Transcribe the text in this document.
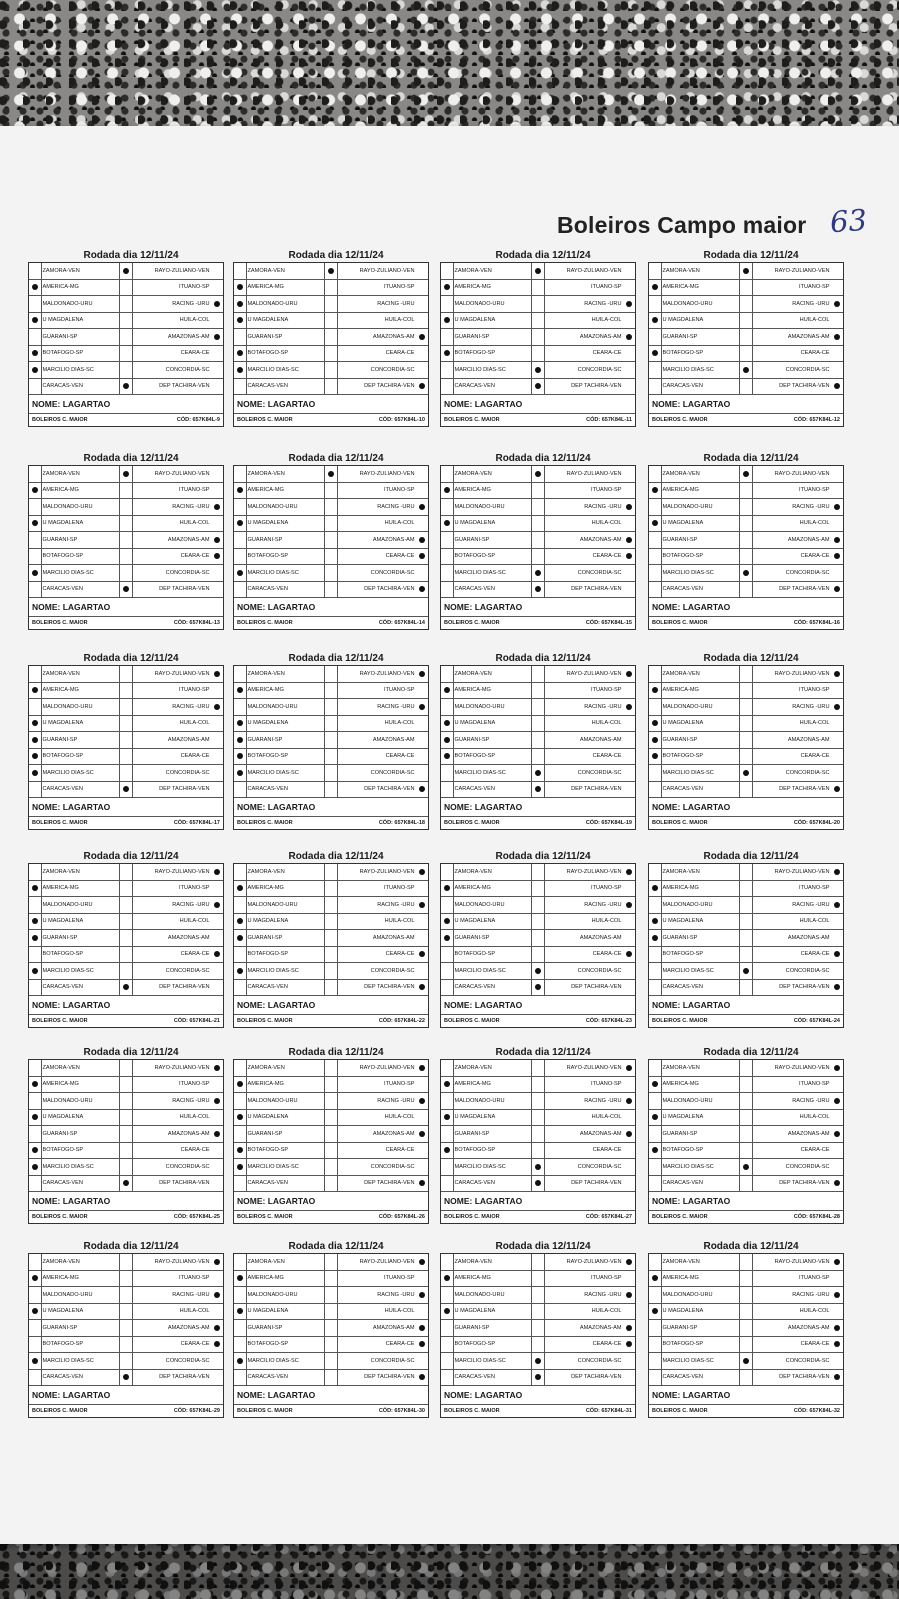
Boleiros Campo maior 63
Rodada dia 12/11/24
ZAMORA-VEN	RAYO-ZULIANO-VEN
AMERICA-MG	ITUANO-SP
MALDONADO-URU	RACING -URU
U MAGDALENA	HUILA-COL
GUARANI-SP	AMAZONAS-AM
BOTAFOGO-SP	CEARA-CE
MARCILIO DIAS-SC	CONCORDIA-SC
CARACAS-VEN	DEP TACHIRA-VEN
NOME: LAGARTAO
BOLEIROS C. MAIOR	CÓD: 657K84L-9
Rodada dia 12/11/24
ZAMORA-VEN	RAYO-ZULIANO-VEN
AMERICA-MG	ITUANO-SP
MALDONADO-URU	RACING -URU
U MAGDALENA	HUILA-COL
GUARANI-SP	AMAZONAS-AM
BOTAFOGO-SP	CEARA-CE
MARCILIO DIAS-SC	CONCORDIA-SC
CARACAS-VEN	DEP TACHIRA-VEN
NOME: LAGARTAO
BOLEIROS C. MAIOR	CÓD: 657K84L-10
Rodada dia 12/11/24
ZAMORA-VEN	RAYO-ZULIANO-VEN
AMERICA-MG	ITUANO-SP
MALDONADO-URU	RACING -URU
U MAGDALENA	HUILA-COL
GUARANI-SP	AMAZONAS-AM
BOTAFOGO-SP	CEARA-CE
MARCILIO DIAS-SC	CONCORDIA-SC
CARACAS-VEN	DEP TACHIRA-VEN
NOME: LAGARTAO
BOLEIROS C. MAIOR	CÓD: 657K84L-11
Rodada dia 12/11/24
ZAMORA-VEN	RAYO-ZULIANO-VEN
AMERICA-MG	ITUANO-SP
MALDONADO-URU	RACING -URU
U MAGDALENA	HUILA-COL
GUARANI-SP	AMAZONAS-AM
BOTAFOGO-SP	CEARA-CE
MARCILIO DIAS-SC	CONCORDIA-SC
CARACAS-VEN	DEP TACHIRA-VEN
NOME: LAGARTAO
BOLEIROS C. MAIOR	CÓD: 657K84L-12
Rodada dia 12/11/24
ZAMORA-VEN	RAYO-ZULIANO-VEN
AMERICA-MG	ITUANO-SP
MALDONADO-URU	RACING -URU
U MAGDALENA	HUILA-COL
GUARANI-SP	AMAZONAS-AM
BOTAFOGO-SP	CEARA-CE
MARCILIO DIAS-SC	CONCORDIA-SC
CARACAS-VEN	DEP TACHIRA-VEN
NOME: LAGARTAO
BOLEIROS C. MAIOR	CÓD: 657K84L-13
Rodada dia 12/11/24
ZAMORA-VEN	RAYO-ZULIANO-VEN
AMERICA-MG	ITUANO-SP
MALDONADO-URU	RACING -URU
U MAGDALENA	HUILA-COL
GUARANI-SP	AMAZONAS-AM
BOTAFOGO-SP	CEARA-CE
MARCILIO DIAS-SC	CONCORDIA-SC
CARACAS-VEN	DEP TACHIRA-VEN
NOME: LAGARTAO
BOLEIROS C. MAIOR	CÓD: 657K84L-14
Rodada dia 12/11/24
ZAMORA-VEN	RAYO-ZULIANO-VEN
AMERICA-MG	ITUANO-SP
MALDONADO-URU	RACING -URU
U MAGDALENA	HUILA-COL
GUARANI-SP	AMAZONAS-AM
BOTAFOGO-SP	CEARA-CE
MARCILIO DIAS-SC	CONCORDIA-SC
CARACAS-VEN	DEP TACHIRA-VEN
NOME: LAGARTAO
BOLEIROS C. MAIOR	CÓD: 657K84L-15
Rodada dia 12/11/24
ZAMORA-VEN	RAYO-ZULIANO-VEN
AMERICA-MG	ITUANO-SP
MALDONADO-URU	RACING -URU
U MAGDALENA	HUILA-COL
GUARANI-SP	AMAZONAS-AM
BOTAFOGO-SP	CEARA-CE
MARCILIO DIAS-SC	CONCORDIA-SC
CARACAS-VEN	DEP TACHIRA-VEN
NOME: LAGARTAO
BOLEIROS C. MAIOR	CÓD: 657K84L-16
Rodada dia 12/11/24
ZAMORA-VEN	RAYO-ZULIANO-VEN
AMERICA-MG	ITUANO-SP
MALDONADO-URU	RACING -URU
U MAGDALENA	HUILA-COL
GUARANI-SP	AMAZONAS-AM
BOTAFOGO-SP	CEARA-CE
MARCILIO DIAS-SC	CONCORDIA-SC
CARACAS-VEN	DEP TACHIRA-VEN
NOME: LAGARTAO
BOLEIROS C. MAIOR	CÓD: 657K84L-17
Rodada dia 12/11/24
ZAMORA-VEN	RAYO-ZULIANO-VEN
AMERICA-MG	ITUANO-SP
MALDONADO-URU	RACING -URU
U MAGDALENA	HUILA-COL
GUARANI-SP	AMAZONAS-AM
BOTAFOGO-SP	CEARA-CE
MARCILIO DIAS-SC	CONCORDIA-SC
CARACAS-VEN	DEP TACHIRA-VEN
NOME: LAGARTAO
BOLEIROS C. MAIOR	CÓD: 657K84L-18
Rodada dia 12/11/24
ZAMORA-VEN	RAYO-ZULIANO-VEN
AMERICA-MG	ITUANO-SP
MALDONADO-URU	RACING -URU
U MAGDALENA	HUILA-COL
GUARANI-SP	AMAZONAS-AM
BOTAFOGO-SP	CEARA-CE
MARCILIO DIAS-SC	CONCORDIA-SC
CARACAS-VEN	DEP TACHIRA-VEN
NOME: LAGARTAO
BOLEIROS C. MAIOR	CÓD: 657K84L-19
Rodada dia 12/11/24
ZAMORA-VEN	RAYO-ZULIANO-VEN
AMERICA-MG	ITUANO-SP
MALDONADO-URU	RACING -URU
U MAGDALENA	HUILA-COL
GUARANI-SP	AMAZONAS-AM
BOTAFOGO-SP	CEARA-CE
MARCILIO DIAS-SC	CONCORDIA-SC
CARACAS-VEN	DEP TACHIRA-VEN
NOME: LAGARTAO
BOLEIROS C. MAIOR	CÓD: 657K84L-20
Rodada dia 12/11/24
ZAMORA-VEN	RAYO-ZULIANO-VEN
AMERICA-MG	ITUANO-SP
MALDONADO-URU	RACING -URU
U MAGDALENA	HUILA-COL
GUARANI-SP	AMAZONAS-AM
BOTAFOGO-SP	CEARA-CE
MARCILIO DIAS-SC	CONCORDIA-SC
CARACAS-VEN	DEP TACHIRA-VEN
NOME: LAGARTAO
BOLEIROS C. MAIOR	CÓD: 657K84L-21
Rodada dia 12/11/24
ZAMORA-VEN	RAYO-ZULIANO-VEN
AMERICA-MG	ITUANO-SP
MALDONADO-URU	RACING -URU
U MAGDALENA	HUILA-COL
GUARANI-SP	AMAZONAS-AM
BOTAFOGO-SP	CEARA-CE
MARCILIO DIAS-SC	CONCORDIA-SC
CARACAS-VEN	DEP TACHIRA-VEN
NOME: LAGARTAO
BOLEIROS C. MAIOR	CÓD: 657K84L-22
Rodada dia 12/11/24
ZAMORA-VEN	RAYO-ZULIANO-VEN
AMERICA-MG	ITUANO-SP
MALDONADO-URU	RACING -URU
U MAGDALENA	HUILA-COL
GUARANI-SP	AMAZONAS-AM
BOTAFOGO-SP	CEARA-CE
MARCILIO DIAS-SC	CONCORDIA-SC
CARACAS-VEN	DEP TACHIRA-VEN
NOME: LAGARTAO
BOLEIROS C. MAIOR	CÓD: 657K84L-23
Rodada dia 12/11/24
ZAMORA-VEN	RAYO-ZULIANO-VEN
AMERICA-MG	ITUANO-SP
MALDONADO-URU	RACING -URU
U MAGDALENA	HUILA-COL
GUARANI-SP	AMAZONAS-AM
BOTAFOGO-SP	CEARA-CE
MARCILIO DIAS-SC	CONCORDIA-SC
CARACAS-VEN	DEP TACHIRA-VEN
NOME: LAGARTAO
BOLEIROS C. MAIOR	CÓD: 657K84L-24
Rodada dia 12/11/24
ZAMORA-VEN	RAYO-ZULIANO-VEN
AMERICA-MG	ITUANO-SP
MALDONADO-URU	RACING -URU
U MAGDALENA	HUILA-COL
GUARANI-SP	AMAZONAS-AM
BOTAFOGO-SP	CEARA-CE
MARCILIO DIAS-SC	CONCORDIA-SC
CARACAS-VEN	DEP TACHIRA-VEN
NOME: LAGARTAO
BOLEIROS C. MAIOR	CÓD: 657K84L-25
Rodada dia 12/11/24
ZAMORA-VEN	RAYO-ZULIANO-VEN
AMERICA-MG	ITUANO-SP
MALDONADO-URU	RACING -URU
U MAGDALENA	HUILA-COL
GUARANI-SP	AMAZONAS-AM
BOTAFOGO-SP	CEARA-CE
MARCILIO DIAS-SC	CONCORDIA-SC
CARACAS-VEN	DEP TACHIRA-VEN
NOME: LAGARTAO
BOLEIROS C. MAIOR	CÓD: 657K84L-26
Rodada dia 12/11/24
ZAMORA-VEN	RAYO-ZULIANO-VEN
AMERICA-MG	ITUANO-SP
MALDONADO-URU	RACING -URU
U MAGDALENA	HUILA-COL
GUARANI-SP	AMAZONAS-AM
BOTAFOGO-SP	CEARA-CE
MARCILIO DIAS-SC	CONCORDIA-SC
CARACAS-VEN	DEP TACHIRA-VEN
NOME: LAGARTAO
BOLEIROS C. MAIOR	CÓD: 657K84L-27
Rodada dia 12/11/24
ZAMORA-VEN	RAYO-ZULIANO-VEN
AMERICA-MG	ITUANO-SP
MALDONADO-URU	RACING -URU
U MAGDALENA	HUILA-COL
GUARANI-SP	AMAZONAS-AM
BOTAFOGO-SP	CEARA-CE
MARCILIO DIAS-SC	CONCORDIA-SC
CARACAS-VEN	DEP TACHIRA-VEN
NOME: LAGARTAO
BOLEIROS C. MAIOR	CÓD: 657K84L-28
Rodada dia 12/11/24
ZAMORA-VEN	RAYO-ZULIANO-VEN
AMERICA-MG	ITUANO-SP
MALDONADO-URU	RACING -URU
U MAGDALENA	HUILA-COL
GUARANI-SP	AMAZONAS-AM
BOTAFOGO-SP	CEARA-CE
MARCILIO DIAS-SC	CONCORDIA-SC
CARACAS-VEN	DEP TACHIRA-VEN
NOME: LAGARTAO
BOLEIROS C. MAIOR	CÓD: 657K84L-29
Rodada dia 12/11/24
ZAMORA-VEN	RAYO-ZULIANO-VEN
AMERICA-MG	ITUANO-SP
MALDONADO-URU	RACING -URU
U MAGDALENA	HUILA-COL
GUARANI-SP	AMAZONAS-AM
BOTAFOGO-SP	CEARA-CE
MARCILIO DIAS-SC	CONCORDIA-SC
CARACAS-VEN	DEP TACHIRA-VEN
NOME: LAGARTAO
BOLEIROS C. MAIOR	CÓD: 657K84L-30
Rodada dia 12/11/24
ZAMORA-VEN	RAYO-ZULIANO-VEN
AMERICA-MG	ITUANO-SP
MALDONADO-URU	RACING -URU
U MAGDALENA	HUILA-COL
GUARANI-SP	AMAZONAS-AM
BOTAFOGO-SP	CEARA-CE
MARCILIO DIAS-SC	CONCORDIA-SC
CARACAS-VEN	DEP TACHIRA-VEN
NOME: LAGARTAO
BOLEIROS C. MAIOR	CÓD: 657K84L-31
Rodada dia 12/11/24
ZAMORA-VEN	RAYO-ZULIANO-VEN
AMERICA-MG	ITUANO-SP
MALDONADO-URU	RACING -URU
U MAGDALENA	HUILA-COL
GUARANI-SP	AMAZONAS-AM
BOTAFOGO-SP	CEARA-CE
MARCILIO DIAS-SC	CONCORDIA-SC
CARACAS-VEN	DEP TACHIRA-VEN
NOME: LAGARTAO
BOLEIROS C. MAIOR	CÓD: 657K84L-32
